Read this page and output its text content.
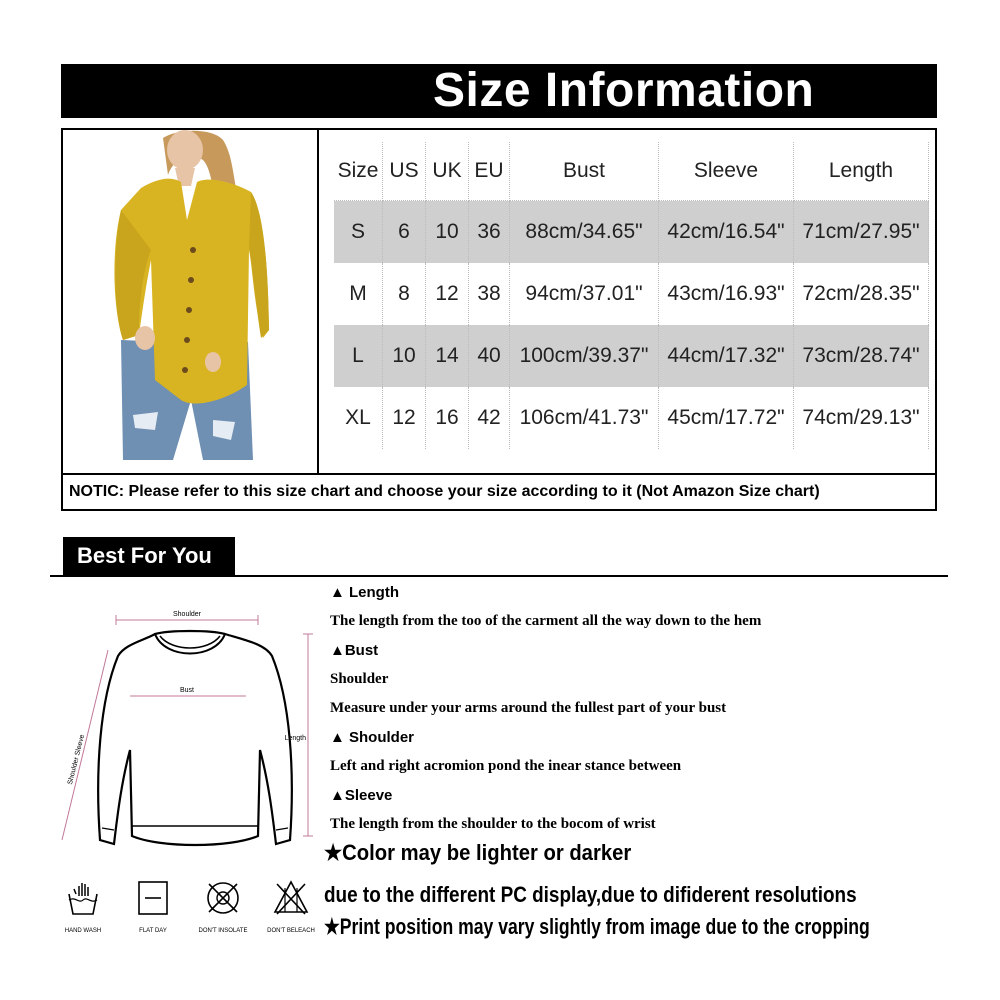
Size Information
Size	US	UK	EU	Bust	Sleeve	Length
S	6	10	36	88cm/34.65"	42cm/16.54"	71cm/27.95"
M	8	12	38	94cm/37.01"	43cm/16.93"	72cm/28.35"
L	10	14	40	100cm/39.37"	44cm/17.32"	73cm/28.74"
XL	12	16	42	106cm/41.73"	45cm/17.72"	74cm/29.13"
NOTIC: Please refer to this size chart and choose your size according to it (Not Amazon Size chart)
Best For You
Shoulder
Bust
Length
Shoulder Sleeve
▲ Length
The length from the too of the carment all the way down to the hem
▲Bust
Shoulder
Measure under your arms around the fullest part of your bust
▲ Shoulder
Left and right acromion pond the inear stance between
▲Sleeve
The length from the shoulder to the bocom of wrist
★Color may be lighter or darker
due to the different PC display,due to difiderent resolutions
★Print position may vary slightly from image due to the cropping
HAND WASH	FLAT DAY	DON'T INSOLATE	DON'T BELEACH
